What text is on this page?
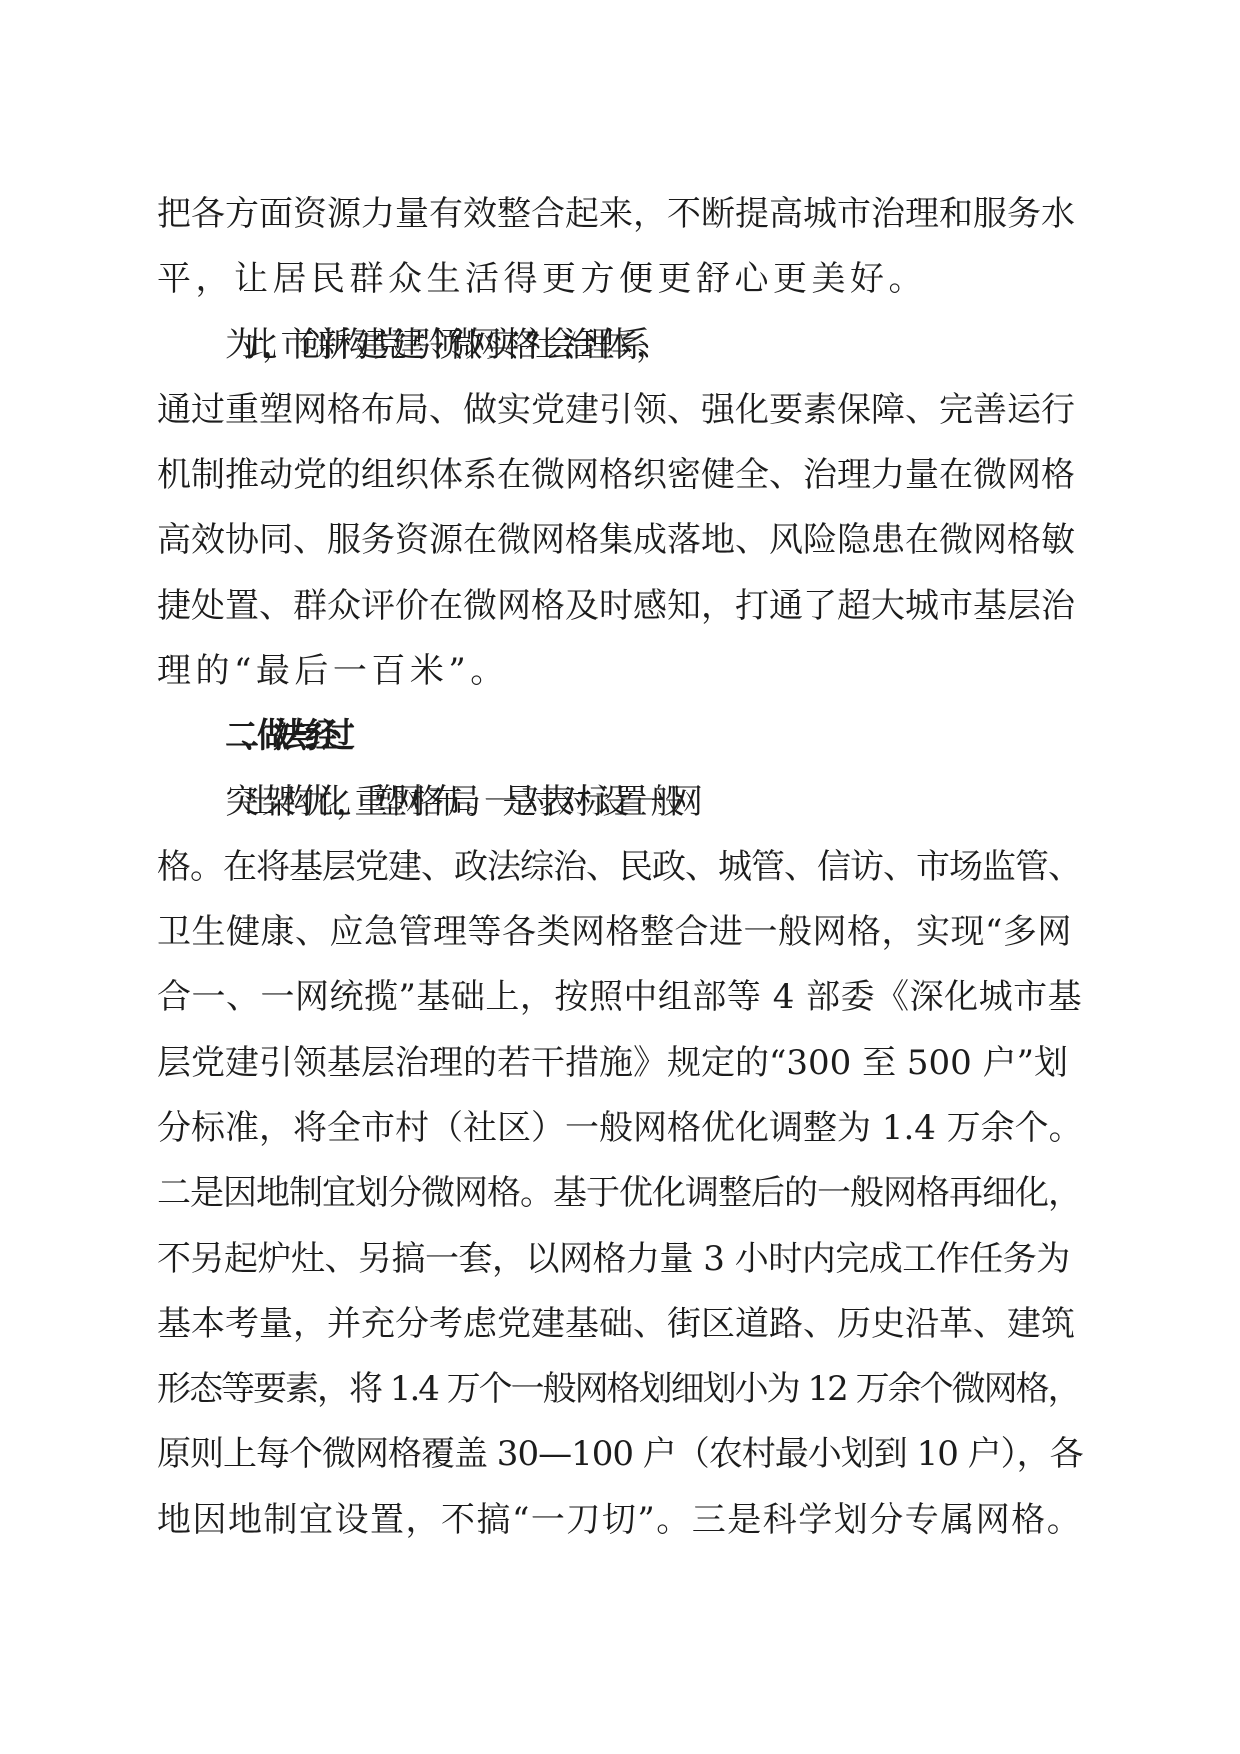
把各方面资源力量有效整合起来，不断提高城市治理和服务水
平，让居民群众生活得更方便更舒心更美好。
为此，市创新构建党建引领“微网实格”社会治理体系，
通过重塑网格布局、做实党建引领、强化要素保障、完善运行
机制推动党的组织体系在微网格织密健全、治理力量在微网格
高效协同、服务资源在微网格集成落地、风险隐患在微网格敏
捷处置、群众评价在微网格及时感知，打通了超大城市基层治
理的“最后一百米”。
二、做法与经过
突出架构优化，重塑网格布局。一是对表对标设置一般网
格。在将基层党建、政法综治、民政、城管、信访、市场监管、
卫生健康、应急管理等各类网格整合进一般网格，实现“多网
合一、一网统揽”基础上，按照中组部等 4 部委《深化城市基
层党建引领基层治理的若干措施》规定的“300 至 500 户”划
分标准，将全市村（社区）一般网格优化调整为 1.4 万余个。
二是因地制宜划分微网格。基于优化调整后的一般网格再细化，
不另起炉灶、另搞一套，以网格力量 3 小时内完成工作任务为
基本考量，并充分考虑党建基础、街区道路、历史沿革、建筑
形态等要素，将 1.4 万个一般网格划细划小为 12 万余个微网格，
原则上每个微网格覆盖 30—100 户（农村最小划到 10 户），各
地因地制宜设置，不搞“一刀切”。三是科学划分专属网格。
